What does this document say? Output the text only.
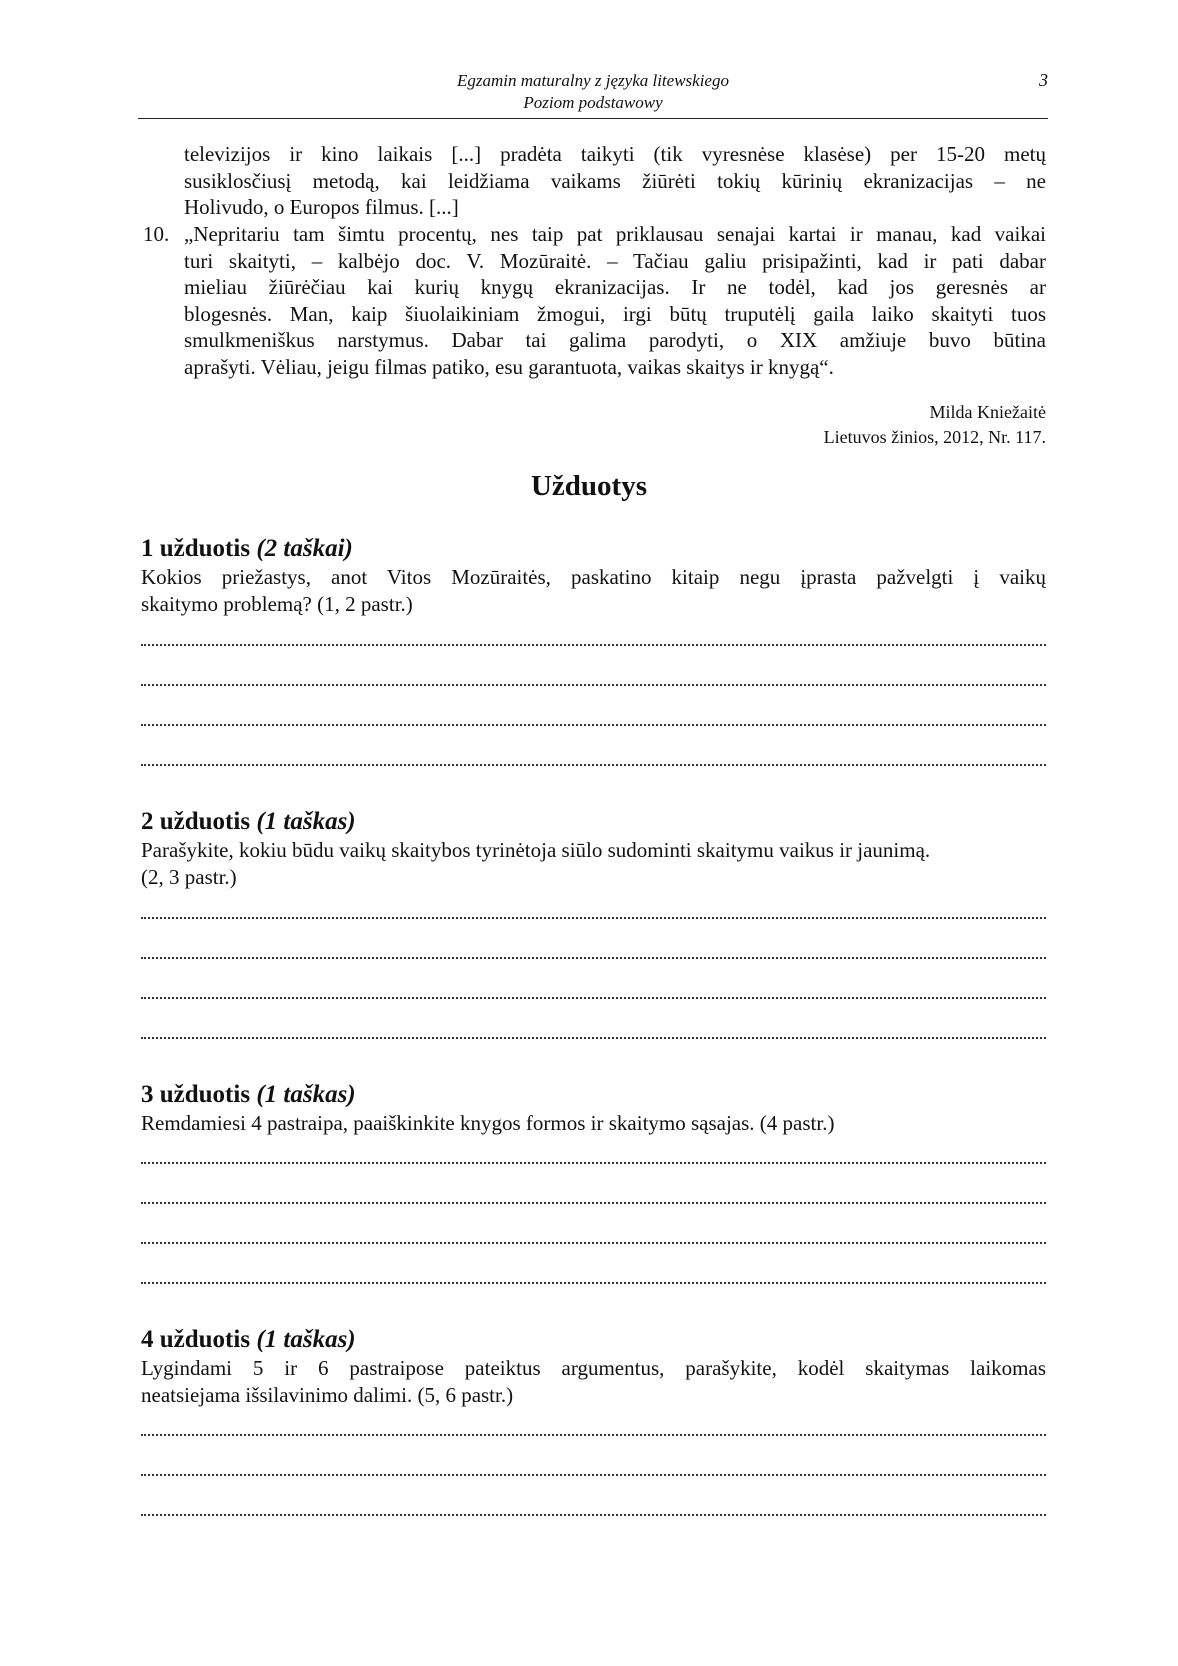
Egzamin maturalny z języka litewskiego
Poziom podstawowy
3
televizijos ir kino laikais [...] pradėta taikyti (tik vyresnėse klasėse) per 15-20 metų
susiklosčiusį metodą, kai leidžiama vaikams žiūrėti tokių kūrinių ekranizacijas – ne
Holivudo, o Europos filmus. [...]
10. „Nepritariu tam šimtu procentų, nes taip pat priklausau senajai kartai ir manau, kad vaikai
turi skaityti, – kalbėjo doc. V. Mozūraitė. – Tačiau galiu prisipažinti, kad ir pati dabar
mieliau žiūrėčiau kai kurių knygų ekranizacijas. Ir ne todėl, kad jos geresnės ar
blogesnės. Man, kaip šiuolaikiniam žmogui, irgi būtų truputėlį gaila laiko skaityti tuos
smulkmeniškus narstymus. Dabar tai galima parodyti, o XIX amžiuje buvo būtina
aprašyti. Vėliau, jeigu filmas patiko, esu garantuota, vaikas skaitys ir knygą“.
Milda Kniežaitė
Lietuvos žinios, 2012, Nr. 117.
Užduotys
1 užduotis (2 taškai)
Kokios priežastys, anot Vitos Mozūraitės, paskatino kitaip negu įprasta pažvelgti į vaikų
skaitymo problemą? (1, 2 pastr.)
2 užduotis (1 taškas)
Parašykite, kokiu būdu vaikų skaitybos tyrinėtoja siūlo sudominti skaitymu vaikus ir jaunimą.
(2, 3 pastr.)
3 užduotis (1 taškas)
Remdamiesi 4 pastraipa, paaiškinkite knygos formos ir skaitymo sąsajas. (4 pastr.)
4 užduotis (1 taškas)
Lygindami 5 ir 6 pastraipose pateiktus argumentus, parašykite, kodėl skaitymas laikomas
neatsiejama išsilavinimo dalimi. (5, 6 pastr.)
